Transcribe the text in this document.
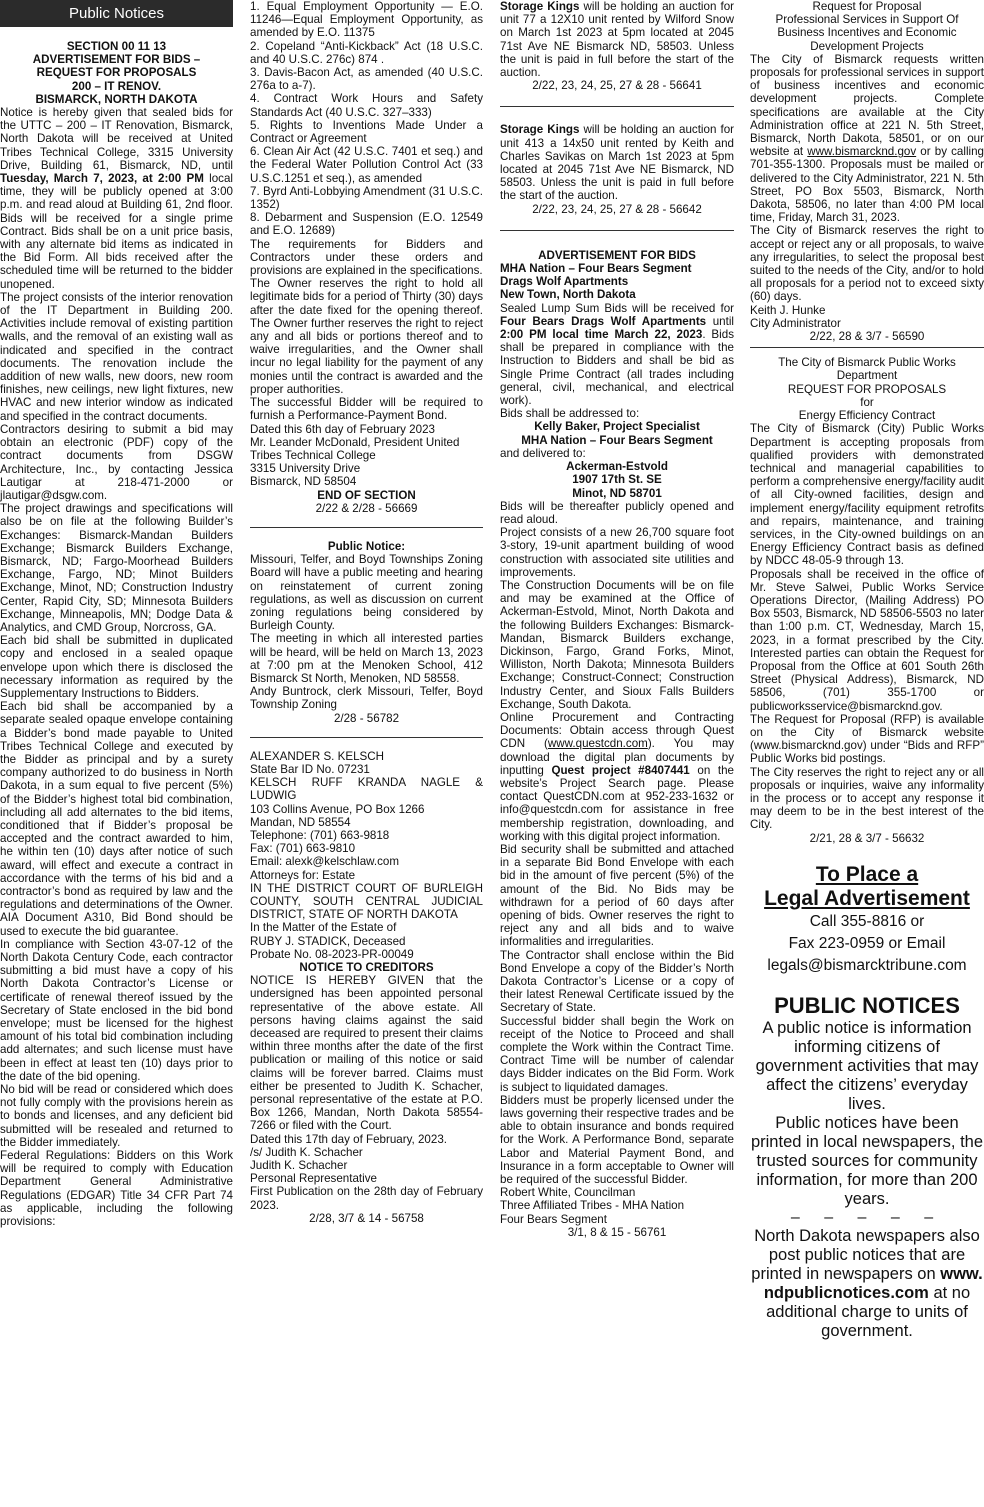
Public Notices
SECTION 00 11 13
ADVERTISEMENT FOR BIDS –
REQUEST FOR PROPOSALS
200 – IT RENOV.
BISMARCK, NORTH DAKOTA

Notice is hereby given that sealed bids for the UTTC – 200 – IT Renovation, Bismarck, North Dakota will be received at United Tribes Technical College, 3315 University Drive, Building 61, Bismarck, ND, until Tuesday, March 7, 2023, at 2:00 PM local time, they will be publicly opened at 3:00 p.m. and read aloud at Building 61, 2nd floor. Bids will be received for a single prime Contract. Bids shall be on a unit price basis, with any alternate bid items as indicated in the Bid Form. All bids received after the scheduled time will be returned to the bidder unopened.

The project consists of the interior renovation of the IT Department in Building 200. Activities include removal of existing partition walls, and the removal of an existing wall as indicated and specified in the contract documents. The renovation include the addition of new walls, new doors, new room finishes, new ceilings, new light fixtures, new HVAC and new interior window as indicated and specified in the contract documents.

Contractors desiring to submit a bid may obtain an electronic (PDF) copy of the contract documents from DSGW Architecture, Inc., by contacting Jessica Lautigar at 218-471-2000 or jlautigar@dsgw.com.

The project drawings and specifications will also be on file at the following Builder’s Exchanges: Bismarck-Mandan Builders Exchange; Bismarck Builders Exchange, Bismarck, ND; Fargo-Moorhead Builders Exchange, Fargo, ND; Minot Builders Exchange, Minot, ND; Construction Industry Center, Rapid City, SD; Minnesota Builders Exchange, Minneapolis, MN; Dodge Data & Analytics, and CMD Group, Norcross, GA.

Each bid shall be submitted in duplicated copy and enclosed in a sealed opaque envelope upon which there is disclosed the necessary information as required by the Supplementary Instructions to Bidders.

Each bid shall be accompanied by a separate sealed opaque envelope containing a Bidder’s bond made payable to United Tribes Technical College and executed by the Bidder as principal and by a surety company authorized to do business in North Dakota, in a sum equal to five percent (5%) of the Bidder’s highest total bid combination, including all add alternates to the bid items, conditioned that if Bidder’s proposal be accepted and the contract awarded to him, he within ten (10) days after notice of such award, will effect and execute a contract in accordance with the terms of his bid and a contractor’s bond as required by law and the regulations and determinations of the Owner. AIA Document A310, Bid Bond should be used to execute the bid guarantee.

In compliance with Section 43-07-12 of the North Dakota Century Code, each contractor submitting a bid must have a copy of his North Dakota Contractor’s License or certificate of renewal thereof issued by the Secretary of State enclosed in the bid bond envelope; must be licensed for the highest amount of his total bid combination including add alternates; and such license must have been in effect at least ten (10) days prior to the date of the bid opening.

No bid will be read or considered which does not fully comply with the provisions herein as to bonds and licenses, and any deficient bid submitted will be resealed and returned to the Bidder immediately.

Federal Regulations: Bidders on this Work will be required to comply with Education Department General Administrative Regulations (EDGAR) Title 34 CFR Part 74 as applicable, including the following provisions:

1. Equal Employment Opportunity — E.O. 11246—Equal Employment Opportunity, as amended by E.O. 11375

2. Copeland “Anti-Kickback” Act (18 U.S.C. and 40 U.S.C. 276c) 874 .

3. Davis-Bacon Act, as amended (40 U.S.C. 276a to a-7).

4. Contract Work Hours and Safety Standards Act (40 U.S.C. 327–333)

5. Rights to Inventions Made Under a Contract or Agreement

6. Clean Air Act (42 U.S.C. 7401 et seq.) and the Federal Water Pollution Control Act (33 U.S.C.1251 et seq.), as amended

7. Byrd Anti-Lobbying Amendment (31 U.S.C. 1352)

8. Debarment and Suspension (E.O. 12549 and E.O. 12689)

The requirements for Bidders and Contractors under these orders and provisions are explained in the specifications.

The Owner reserves the right to hold all legitimate bids for a period of Thirty (30) days after the date fixed for the opening thereof. The Owner further reserves the right to reject any and all bids or portions thereof and to waive irregularities, and the Owner shall incur no legal liability for the payment of any monies until the contract is awarded and the proper authorities.

The successful Bidder will be required to furnish a Performance-Payment Bond.

Dated this 6th day of February 2023
Mr. Leander McDonald, President United Tribes Technical College
3315 University Drive
Bismarck, ND 58504
END OF SECTION
2/22 & 2/28 - 56669
Public Notice:

Missouri, Telfer, and Boyd Townships Zoning Board will have a public meeting and hearing on reinstatement of current zoning regulations, as well as discussion on current zoning regulations being considered by Burleigh County.

The meeting in which all interested parties will be heard, will be held on March 13, 2023 at 7:00 pm at the Menoken School, 412 Bismarck St North, Menoken, ND 58558.

Andy Buntrock, clerk Missouri, Telfer, Boyd Township Zoning

2/28 - 56782
ALEXANDER S. KELSCH
State Bar ID No. 07231

KELSCH RUFF KRANDA NAGLE & LUDWIG

103 Collins Avenue, PO Box 1266
Mandan, ND 58554
Telephone: (701) 663-9818
Fax: (701) 663-9810
Email: alexk@kelschlaw.com
Attorneys for: Estate

IN THE DISTRICT COURT OF BURLEIGH COUNTY, SOUTH CENTRAL JUDICIAL DISTRICT, STATE OF NORTH DAKOTA

In the Matter of the Estate of
RUBY J. STADICK, Deceased
Probate No. 08-2023-PR-00049
NOTICE TO CREDITORS

NOTICE IS HEREBY GIVEN that the undersigned has been appointed personal representative of the above estate. All persons having claims against the said deceased are required to present their claims within three months after the date of the first publication or mailing of this notice or said claims will be forever barred. Claims must either be presented to Judith K. Schacher, personal representative of the estate at P.O. Box 1266, Mandan, North Dakota 58554-7266 or filed with the Court.

Dated this 17th day of February, 2023.
/s/ Judith K. Schacher
Judith K. Schacher
Personal Representative

First Publication on the 28th day of February 2023.

2/28, 3/7 & 14 - 56758

Storage Kings will be holding an auction for unit 77 a 12X10 unit rented by Wilford Snow on March 1st 2023 at 5pm located at 2045 71st Ave NE Bismarck ND, 58503. Unless the unit is paid in full before the start of the auction.

2/22, 23, 24, 25, 27 & 28 - 56641

Storage Kings will be holding an auction for unit 413 a 14x50 unit rented by Keith and Charles Savikas on March 1st 2023 at 5pm located at 2045 71st Ave NE Bismarck, ND 58503. Unless the unit is paid in full before the start of the auction.

2/22, 23, 24, 25, 27 & 28 - 56642
ADVERTISEMENT FOR BIDS
MHA Nation – Four Bears Segment
Drags Wolf Apartments
New Town, North Dakota

Sealed Lump Sum Bids will be received for Four Bears Drags Wolf Apartments until 2:00 PM local time March 22, 2023. Bids shall be prepared in compliance with the Instruction to Bidders and shall be bid as Single Prime Contract (all trades including general, civil, mechanical, and electrical work).

Bids shall be addressed to:
Kelly Baker, Project Specialist
MHA Nation – Four Bears Segment
and delivered to:
Ackerman-Estvold
1907 17th St. SE
Minot, ND 58701

Bids will be thereafter publicly opened and read aloud.

Project consists of a new 26,700 square foot 3-story, 19-unit apartment building of wood construction with associated site utilities and improvements.

The Construction Documents will be on file and may be examined at the Office of Ackerman-Estvold, Minot, North Dakota and the following Builders Exchanges: Bismarck-Mandan, Bismarck Builders exchange, Dickinson, Fargo, Grand Forks, Minot, Williston, North Dakota; Minnesota Builders Exchange; Construct-Connect; Construction Industry Center, and Sioux Falls Builders Exchange, South Dakota.

Online Procurement and Contracting Documents: Obtain access through Quest CDN (www.questcdn.com). You may download the digital plan documents by inputting Quest project #8407441 on the website’s Project Search page. Please contact QuestCDN.com at 952-233-1632 or info@questcdn.com for assistance in free membership registration, downloading, and working with this digital project information.

Bid security shall be submitted and attached in a separate Bid Bond Envelope with each bid in the amount of five percent (5%) of the amount of the Bid. No Bids may be withdrawn for a period of 60 days after opening of bids. Owner reserves the right to reject any and all bids and to waive informalities and irregularities.

The Contractor shall enclose within the Bid Bond Envelope a copy of the Bidder’s North Dakota Contractor’s License or a copy of their latest Renewal Certificate issued by the Secretary of State.

Successful bidder shall begin the Work on receipt of the Notice to Proceed and shall complete the Work within the Contract Time. Contract Time will be number of calendar days Bidder indicates on the Bid Form. Work is subject to liquidated damages.

Bidders must be properly licensed under the laws governing their respective trades and be able to obtain insurance and bonds required for the Work. A Performance Bond, separate Labor and Material Payment Bond, and Insurance in a form acceptable to Owner will be required of the successful Bidder.

Robert White, Councilman
Three Affiliated Tribes - MHA Nation
Four Bears Segment
3/1, 8 & 15 - 56761
Request for Proposal
Professional Services in Support Of
Business Incentives and Economic
Development Projects

The City of Bismarck requests written proposals for professional services in support of business incentives and economic development projects. Complete specifications are available at the City Administration office at 221 N. 5th Street, Bismarck, North Dakota, 58501, or on our website at www.bismarcknd.gov or by calling 701-355-1300. Proposals must be mailed or delivered to the City Administrator, 221 N. 5th Street, PO Box 5503, Bismarck, North Dakota, 58506, no later than 4:00 PM local time, Friday, March 31, 2023.

The City of Bismarck reserves the right to accept or reject any or all proposals, to waive any irregularities, to select the proposal best suited to the needs of the City, and/or to hold all proposals for a period not to exceed sixty (60) days.

Keith J. Hunke
City Administrator
2/22, 28 & 3/7 - 56590
The City of Bismarck Public Works Department
REQUEST FOR PROPOSALS
for
Energy Efficiency Contract

The City of Bismarck (City) Public Works Department is accepting proposals from qualified providers with demonstrated technical and managerial capabilities to perform a comprehensive energy/facility audit of all City-owned facilities, design and implement energy/facility equipment retrofits and repairs, maintenance, and training services, in the City-owned buildings on an Energy Efficiency Contract basis as defined by NDCC 48-05-9 through 13.

Proposals shall be received in the office of Mr. Steve Salwei, Public Works Service Operations Director, (Mailing Address) PO Box 5503, Bismarck, ND 58506-5503 no later than 1:00 p.m. CT, Wednesday, March 15, 2023, in a format prescribed by the City. Interested parties can obtain the Request for Proposal from the Office at 601 South 26th Street (Physical Address), Bismarck, ND 58506, (701) 355-1700 or publicworksservice@bismarcknd.gov.

The Request for Proposal (RFP) is available on the City of Bismarck website (www.bismarcknd.gov) under “Bids and RFP” Public Works bid postings.

The City reserves the right to reject any or all proposals or inquiries, waive any informality in the process or to accept any response it may deem to be in the best interest of the City.

2/21, 28 & 3/7 - 56632
To Place a
Legal Advertisement
Call 355-8816 or
Fax 223-0959 or Email
legals@bismarcktribune.com
PUBLIC NOTICES

A public notice is information informing citizens of government activities that may affect the citizens’ everyday lives.

Public notices have been printed in local newspapers, the trusted sources for community information, for more than 200 years.

– – – – –

North Dakota newspapers also post public notices that are printed in newspapers on www. ndpublicnotices.com at no additional charge to units of government.
